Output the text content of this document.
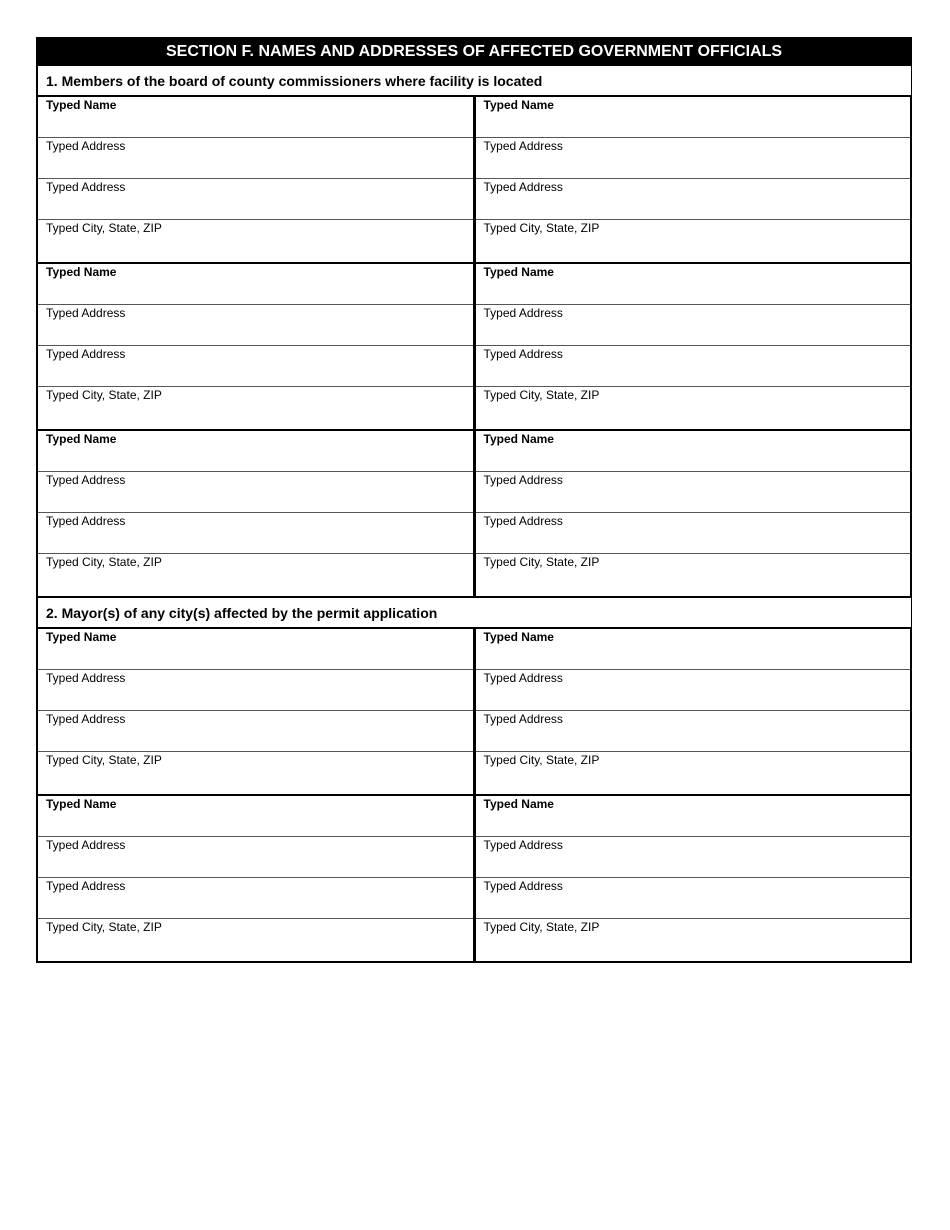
SECTION F. NAMES AND ADDRESSES OF AFFECTED GOVERNMENT OFFICIALS
1. Members of the board of county commissioners where facility is located
Typed Name
Typed Address
Typed Address
Typed City, State, ZIP
Typed Name
Typed Address
Typed Address
Typed City, State, ZIP
Typed Name
Typed Address
Typed Address
Typed City, State, ZIP
Typed Name
Typed Address
Typed Address
Typed City, State, ZIP
Typed Name
Typed Address
Typed Address
Typed City, State, ZIP
Typed Name
Typed Address
Typed Address
Typed City, State, ZIP
2. Mayor(s) of any city(s) affected by the permit application
Typed Name
Typed Address
Typed Address
Typed City, State, ZIP
Typed Name
Typed Address
Typed Address
Typed City, State, ZIP
Typed Name
Typed Address
Typed Address
Typed City, State, ZIP
Typed Name
Typed Address
Typed Address
Typed City, State, ZIP
